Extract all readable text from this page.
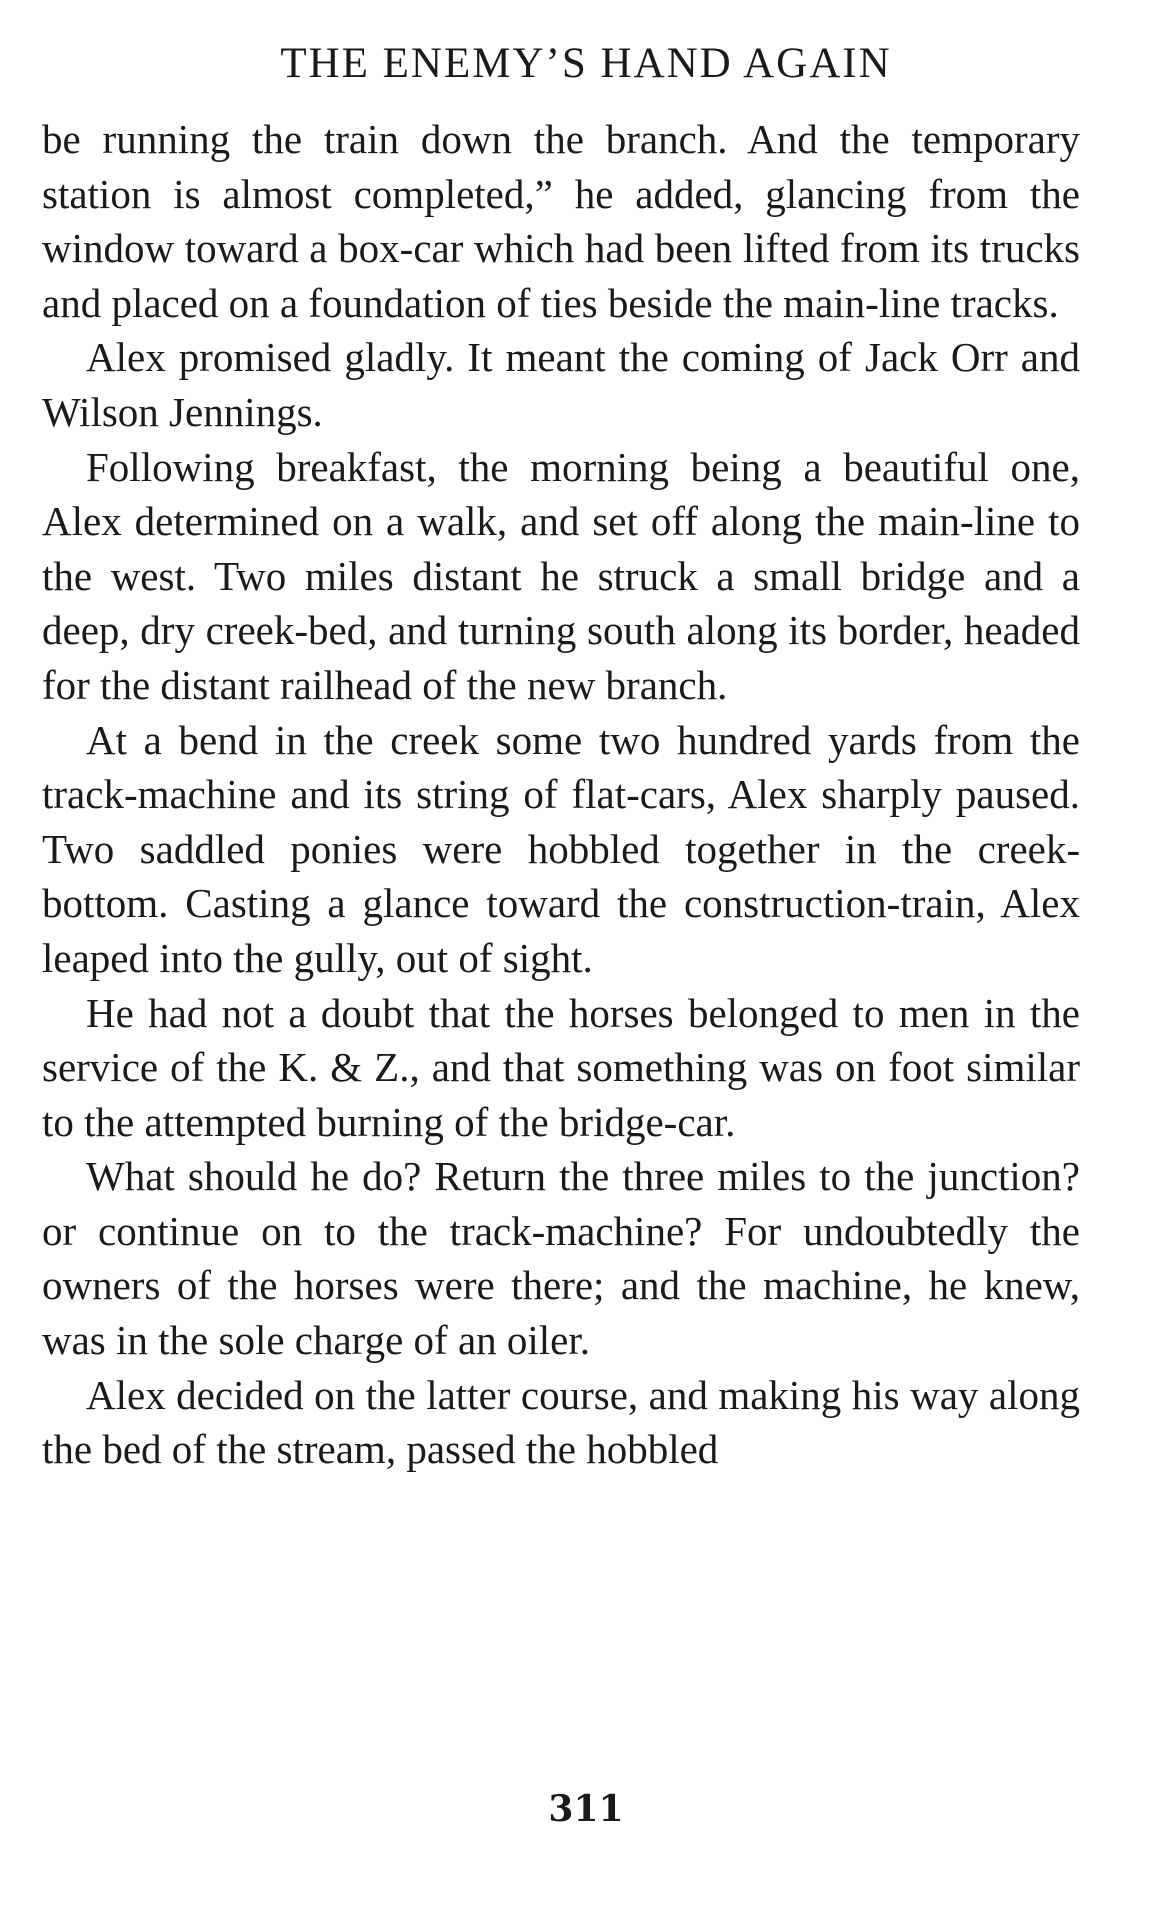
THE ENEMY’S HAND AGAIN

be running the train down the branch. And the temporary station is almost completed,” he added, glancing from the window toward a box-car which had been lifted from its trucks and placed on a foundation of ties beside the main-line tracks.

Alex promised gladly. It meant the coming of Jack Orr and Wilson Jennings.

Following breakfast, the morning being a beautiful one, Alex determined on a walk, and set off along the main-line to the west. Two miles distant he struck a small bridge and a deep, dry creek-bed, and turning south along its border, headed for the distant railhead of the new branch.

At a bend in the creek some two hundred yards from the track-machine and its string of flat-cars, Alex sharply paused. Two saddled ponies were hobbled together in the creek-bottom. Casting a glance toward the construction-train, Alex leaped into the gully, out of sight.

He had not a doubt that the horses belonged to men in the service of the K. & Z., and that something was on foot similar to the attempted burning of the bridge-car.

What should he do? Return the three miles to the junction? or continue on to the track-machine? For undoubtedly the owners of the horses were there; and the machine, he knew, was in the sole charge of an oiler.

Alex decided on the latter course, and making his way along the bed of the stream, passed the hobbled

311
